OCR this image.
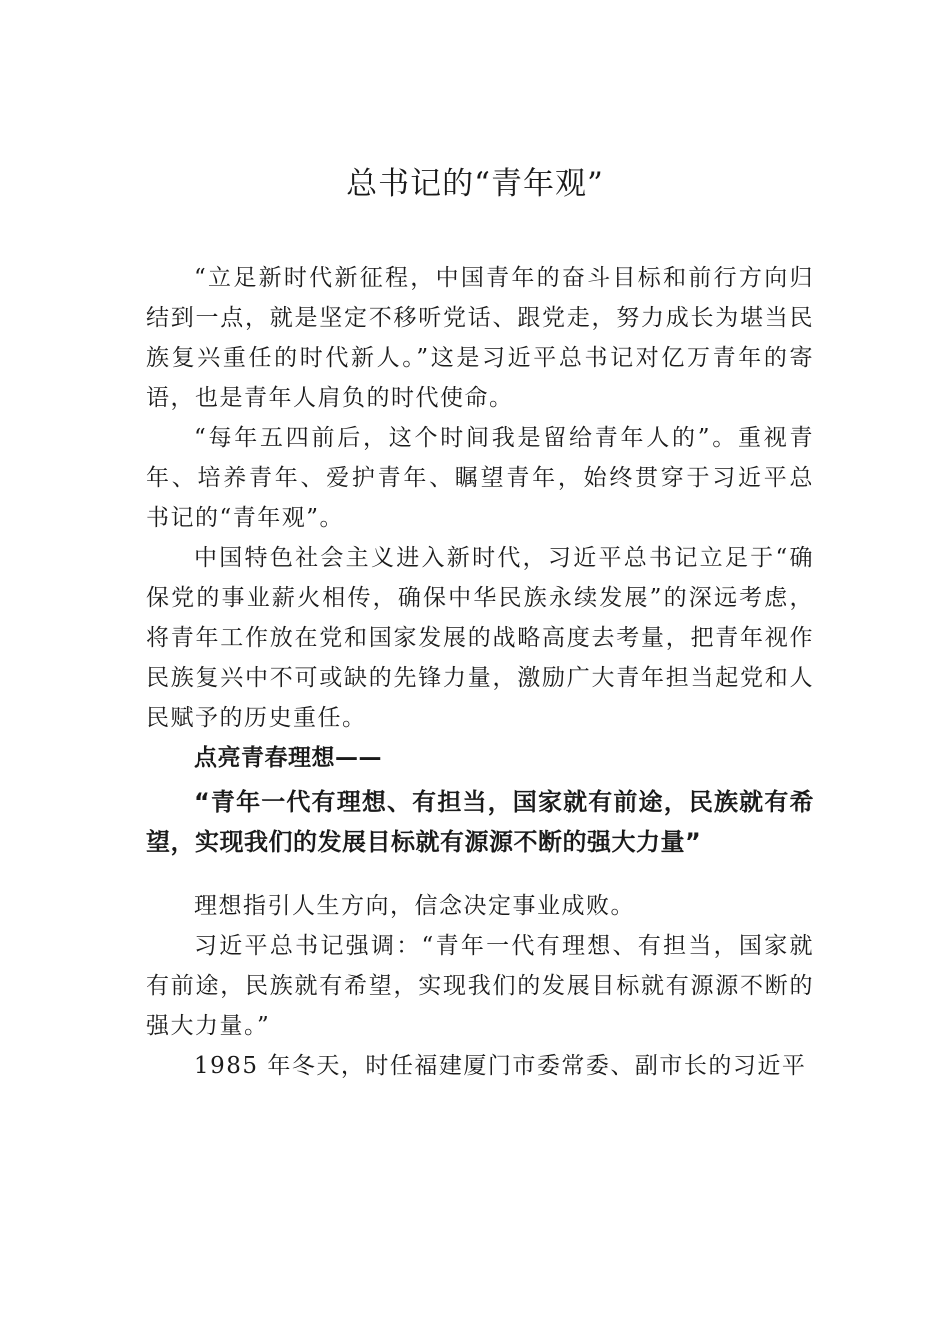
总书记的“青年观”

“立足新时代新征程，中国青年的奋斗目标和前行方向归结到一点，就是坚定不移听党话、跟党走，努力成长为堪当民族复兴重任的时代新人。”这是习近平总书记对亿万青年的寄语，也是青年人肩负的时代使命。

“每年五四前后，这个时间我是留给青年人的”。重视青年、培养青年、爱护青年、瞩望青年，始终贯穿于习近平总 书记的“青年观”。

中国特色社会主义进入新时代，习近平总书记立足于“确保党的事业薪火相传，确保中华民族永续发展”的深远考虑，将青年工作放在党和国家发展的战略高度去考量，把青年视作民族复兴中不可或缺的先锋力量，激励广大青年担当起党和人民赋予的历史重任。

点亮青春理想——

“青年一代有理想、有担当，国家就有前途，民族就有希望，实现我们的发展目标就有源源不断的强大力量”

理想指引人生方向，信念决定事业成败。

习近平总书记强调：“青年一代有理想、有担当，国家就有前途，民族就有希望，实现我们的发展目标就有源源不断的强大力量。”

1985 年冬天，时任福建厦门市委常委、副市长的习近平
